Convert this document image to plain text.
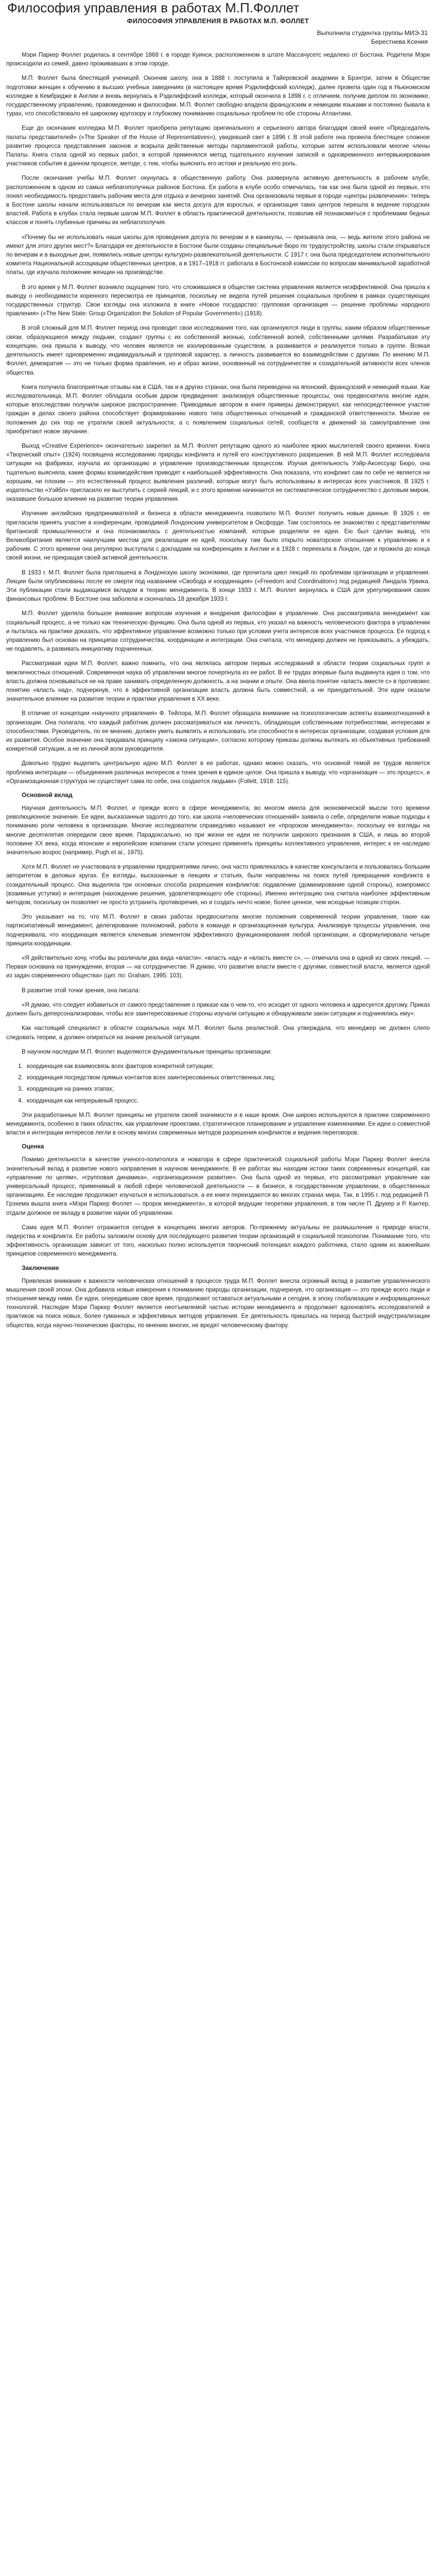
Философия управления в работах М.П.Фоллет
ФИЛОСОФИЯ УПРАВЛЕНИЯ В РАБОТАХ М.П. ФОЛЛЕТ
Выполнила студентка группы МИЭ-31
Берестнева Ксения
Мэри Паркер Фоллет родилась в сентябре 1868 г. в городе Куинси, расположенном в штате Массачусетс недалеко от Бостона. Родители Мэри происходили из семей, давно проживавших в этом городе.
М.П. Фоллет была блестящей ученицей. Окончив школу, она в 1888 г. поступила в Тайеровской академии в Брэнтри, затем в Обществе подготовки женщин к обучению в высших учебных заведениях (в настоящее время Рэдклиффский колледж), далее провела один год в Ньюнэмском колледже в Кембридже в Англии и вновь вернулась в Рэдклиффский колледж, который окончила в 1898 г. с отличием, получив диплом по экономике, государственному управлению, правоведению и философии. М.П. Фоллет свободно владела французским и немецким языками и постоянно бывала в турах, что способствовало её широкому кругозору и глубокому пониманию социальных проблем по обе стороны Атлантики.
Еще до окончания колледжа М.П. Фоллет приобрела репутацию оригинального и серьезного автора благодаря своей книге «Председатель палаты представителей» («The Speaker of the House of Representatives»), увидевшей свет в 1896 г. В этой работе она провела блестящее сложное развитие процесса представления законов и вскрыла действенные методы парламентской работы, которые затем использовали многие члены Палаты. Книга стала одной из первых работ, в которой применялся метод тщательного изучения записей и одновременного интервьюирования участников события в данном процессе, методе, с тем, чтобы выяснить его истоки и реальную его роль.
После окончания учебы М.П. Фоллет окунулась в общественную работу. Она развернула активную деятельность в рабочем клубе, расположенном в одном из самых неблагополучных районов Бостона. Ее работа в клубе особо отмечалась, так как она была одной из первых, кто понял необходимость предоставить рабочим места для отдыха и вечерних занятий. Она организовала первые в городе «центры развлечения»: теперь в Бостоне школы начали использоваться по вечерам как места досуга для взрослых, и организация таких центров перешла в ведение городских властей. Работа в клубах стала первым шагом М.П. Фоллет в область практической деятельности, позволив ей познакомиться с проблемами бедных классов и понять глубинные причины их неблагополучия.
«Почему бы не использовать наши школы для проведения досуга по вечерам и в каникулы, — призывала она, — ведь жители этого района не имеют для этого других мест?» Благодаря ее деятельности в Бостоне были созданы специальные бюро по трудоустройству, школы стали открываться по вечерам и в выходные дни, появились новые центры культурно-развлекательной деятельности. С 1917 г. она была председателем исполнительного комитета Национальной ассоциации общественных центров, а в 1917–1918 гг. работала в Бостонской комиссии по вопросам минимальной заработной платы, где изучала положение женщин на производстве.
В это время у М.П. Фоллет возникло ощущение того, что сложившаяся в обществе система управления является неэффективной. Она пришла к выводу о необходимости коренного пересмотра ее принципов, поскольку не видела путей решения социальных проблем в рамках существующих государственных структур. Свои взгляды она изложила в книге «Новое государство: групповая организация — решение проблемы народного правления» («The New State: Group Organization the Solution of Popular Government») (1918).
В этой сложный для М.П. Фоллет период она проводит свои исследования того, как организуются люди в группы, каким образом общественные связи, образующиеся между людьми, создают группы с их собственной жизнью, собственной волей, собственными целями. Разрабатывая эту концепцию, она пришла к выводу, что человек является не изолированным существом, а развивается и реализуется только в группе. Всякая деятельность имеет одновременно индивидуальный и групповой характер, а личность развивается во взаимодействии с другими. По мнению М.П. Фоллет, демократия — это не только форма правления, но и образ жизни, основанный на сотрудничестве и созидательной активности всех членов общества.
Книга получила благоприятные отзывы как в США, так и в других странах, она была переведена на японский, французский и немецкий языки. Как исследовательница, М.П. Фоллет обладала особым даром предвидения: анализируя общественные процессы, она предвосхитила многие идеи, которые впоследствии получили широкое распространение. Приводимые автором в книге примеры демонстрируют, как непосредственное участие граждан в делах своего района способствует формированию нового типа общественных отношений и гражданской ответственности. Многие ее положения до сих пор не утратили своей актуальности, а с появлением социальных сетей, сообществ и движений за самоуправление они приобретают новое звучание.
Выход «Creative Experience» окончательно закрепил за М.П. Фоллет репутацию одного из наиболее ярких мыслителей своего времени. Книга «Творческий опыт» (1924) посвящена исследованию природы конфликта и путей его конструктивного разрешения. В ней М.П. Фоллет исследовала ситуации на фабриках, изучала их организацию и управление производственным процессом. Изучая деятельность Уэйр-Аксессуар Бюро, она тщательно выясняла, какие формы взаимодействия приводят к наибольшей эффективности. Она показала, что конфликт сам по себе не является ни хорошим, ни плохим — это естественный процесс выявления различий, которые могут быть использованы в интересах всех участников. В 1925 г. издательство «Уэйбл» пригласило ее выступить с серией лекций, и с этого времени начинается ее систематическое сотрудничество с деловым миром, оказавшее большое влияние на развитие теории управления.
Изучение английских предпринимателей и бизнеса в области менеджмента позволило М.П. Фоллет получить новые данные. В 1926 г. ее пригласили принять участие в конференции, проводимой Лондонским университетом в Оксфорде. Там состоялось ее знакомство с представителями британской промышленности и она познакомилась с деятельностью компаний, которые разделяли ее идеи. Ею был сделан вывод, что Великобритания является наилучшим местом для реализации ее идей, поскольку там было открыто новаторское отношение к управлению и к рабочим. С этого времени она регулярно выступала с докладами на конференциях в Англии и в 1928 г. переехала в Лондон, где и прожила до конца своей жизни, не прекращая своей активной деятельности.
В 1933 г. М.П. Фоллет была приглашена в Лондонскую школу экономики, где прочитала цикл лекций по проблемам организации и управления. Лекции были опубликованы после ее смерти под названием «Свобода и координация» («Freedom and Coordination») под редакцией Линдала Урвика. Эти публикации стали выдающимся вкладом в теорию менеджмента. В конце 1933 г. М.П. Фоллет вернулась в США для урегулирования своих финансовых проблем. В Бостоне она заболела и скончалась 18 декабря 1933 г.
М.П. Фоллет уделяла большое внимание вопросам изучения и внедрения философии в управление. Она рассматривала менеджмент как социальный процесс, а не только как техническую функцию. Она была одной из первых, кто указал на важность человеческого фактора в управлении и пыталась на практике доказать, что эффективное управление возможно только при условии учета интересов всех участников процесса. Ее подход к управлению был основан на принципах сотрудничества, координации и интеграции. Она считала, что менеджер должен не приказывать, а убеждать, не подавлять, а развивать инициативу подчиненных.
Рассматривая идеи М.П. Фоллет, важно помнить, что она являлась автором первых исследований в области теории социальных групп и межличностных отношений. Современная наука об управлении многое почерпнула из ее работ. В ее трудах впервые была выдвинута идея о том, что власть должна основываться не на праве занимать определенную должность, а на знании и опыте. Она ввела понятие «власть вместе с» в противовес понятию «власть над», подчеркнув, что в эффективной организации власть должна быть совместной, а не принудительной. Эти идеи оказали значительное влияние на развитие теории и практики управления в XX веке.
В отличие от концепции «научного управления» Ф. Тейлора, М.П. Фоллет обращала внимание на психологические аспекты взаимоотношений в организации. Она полагала, что каждый работник должен рассматриваться как личность, обладающая собственными потребностями, интересами и способностями. Руководитель, по ее мнению, должен уметь выявлять и использовать эти способности в интересах организации, создавая условия для их развития. Особое значение она придавала принципу «закона ситуации», согласно которому приказы должны вытекать из объективных требований конкретной ситуации, а не из личной воли руководителя.
Довольно трудно выделить центральную идею М.П. Фоллет в ее работах, однако можно сказать, что основной темой ее трудов является проблема интеграции — объединения различных интересов и точек зрения в единое целое. Она пришла к выводу, что «организация — это процесс», и «Организационная структура не существует сама по себе, она создается людьми» (Follett, 1918: 115).
Основной вклад
Научная деятельность М.П. Фоллет, и прежде всего в сфере менеджмента, во многом имела для экономической мысли того времени революционное значение. Ее идеи, высказанные задолго до того, как школа «человеческих отношений» заявила о себе, определили новые подходы к пониманию роли человека в организации. Многие исследователи справедливо называют ее «пророком менеджмента», поскольку ее взгляды на многие десятилетия опередили свое время. Парадоксально, но при жизни ее идеи не получили широкого признания в США, и лишь во второй половине XX века, когда японские и европейские компании стали успешно применять принципы коллективного управления, интерес к ее наследию значительно возрос (например, Pugh et al., 1975).
Хотя М.П. Фоллет не участвовала в управлении предприятиями лично, она часто привлекалась в качестве консультанта и пользовалась большим авторитетом в деловых кругах. Ее взгляды, высказанные в лекциях и статьях, были направлены на поиск путей превращения конфликта в созидательный процесс. Она выделяла три основных способа разрешения конфликтов: подавление (доминирование одной стороны), компромисс (взаимные уступки) и интеграция (нахождение решения, удовлетворяющего обе стороны). Именно интеграцию она считала наиболее эффективным методом, поскольку он позволяет не просто устранить противоречия, но и создать нечто новое, более ценное, чем исходные позиции сторон.
Это указывает на то, что М.П. Фоллет в своих работах предвосхитила многие положения современной теории управления, такие как партисипативный менеджмент, делегирование полномочий, работа в команде и организационная культура. Анализируя процессы управления, она подчеркивала, что координация является ключевым элементом эффективного функционирования любой организации, и сформулировала четыре принципа координации.
«Я действительно хочу, чтобы вы различали два вида «власти»: «власть над» и «власть вместе с», — отмечала она в одной из своих лекций. — Первая основана на принуждении, вторая — на сотрудничестве. Я думаю, что развитие власти вместе с другими, совместной власти, является одной из задач современного общества» (цит. по: Graham, 1995: 103).
В развитие этой точки зрения, она писала:
«Я думаю, что следует избавиться от самого представления о приказе как о чем-то, что исходит от одного человека и адресуется другому. Приказ должен быть деперсонализирован, чтобы все заинтересованные стороны изучали ситуацию и обнаруживали закон ситуации и подчинялись ему».
Как настоящий специалист в области социальных наук М.П. Фоллет была реалисткой. Она утверждала, что менеджер не должен слепо следовать теории, а должен опираться на знание реальной ситуации.
В научном наследии М.П. Фоллет выделяются фундаментальные принципы организации:
1. координация как взаимосвязь всех факторов конкретной ситуации;
2. координация посредством прямых контактов всех заинтересованных ответственных лиц;
3. координация на ранних этапах;
4. координация как непрерывный процесс.
Эти разработанные М.П. Фоллет принципы не утратили своей значимости и в наше время. Они широко используются в практике современного менеджмента, особенно в таких областях, как управление проектами, стратегическое планирование и управление изменениями. Ее идеи о совместной власти и интеграции интересов легли в основу многих современных методов разрешения конфликтов и ведения переговоров.
Оценка
Помимо деятельности в качестве ученого-политолога и новатора в сфере практической социальной работы Мэри Паркер Фоллет внесла значительный вклад в развитие нового направления в научном менеджменте. В ее работах мы находим истоки таких современных концепций, как «управление по целям», «групповая динамика», «организационное развитие». Она была одной из первых, кто рассматривал управление как универсальный процесс, применимый в любой сфере человеческой деятельности — в бизнесе, в государственном управлении, в общественных организациях. Ее наследие продолжает изучаться и использоваться, а ее книги переиздаются во многих странах мира. Так, в 1995 г. под редакцией П. Грэхема вышла книга «Мэри Паркер Фоллет — пророк менеджмента», в которой ведущие теоретики управления, в том числе П. Друкер и Р. Кантер, отдали должное ее вкладу в развитие науки об управлении.
Сама идея М.П. Фоллет отражается сегодня в концепциях многих авторов. По-прежнему актуальны ее размышления о природе власти, лидерства и конфликта. Ее работы заложили основу для последующего развития теории организаций и социальной психологии. Понимание того, что эффективность организации зависит от того, насколько полно используется творческий потенциал каждого работника, стало одним из важнейших принципов современного менеджмента.
Заключение
Привлекая внимание к важности человеческих отношений в процессе труда М.П. Фоллет внесла огромный вклад в развитие управленческого мышления своей эпохи. Она добавила новые измерения к пониманию природы организации, подчеркнув, что организация — это прежде всего люди и отношения между ними. Ее идеи, опередившие свое время, продолжают оставаться актуальными и сегодня, в эпоху глобализации и информационных технологий. Наследие Мэри Паркер Фоллет является неотъемлемой частью истории менеджмента и продолжает вдохновлять исследователей и практиков на поиск новых, более гуманных и эффективных методов управления. Ее деятельность пришлась на период быстрой индустриализации общества, когда научно-технические факторы, по мнению многих, не вредят человеческому фактору.
